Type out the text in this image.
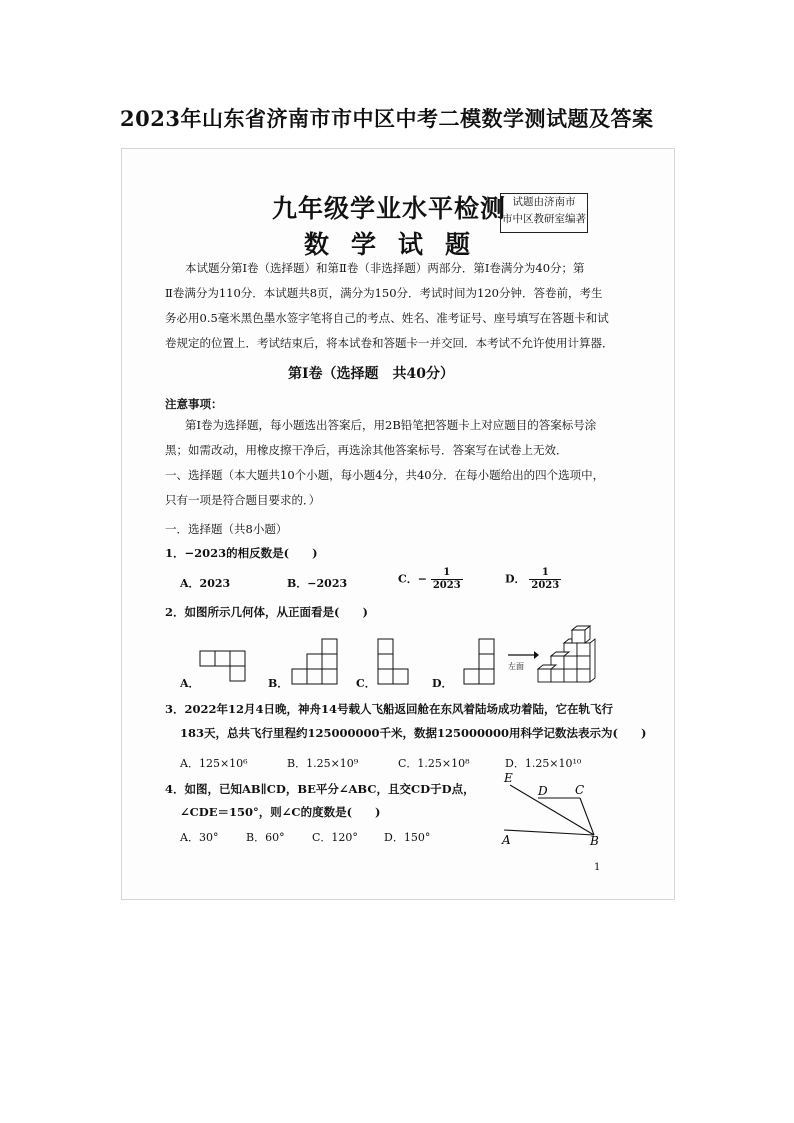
2023年山东省济南市市中区中考二模数学测试题及答案
九年级学业水平检测
数学试题
试题由济南市
市中区教研室编著
本试题分第Ⅰ卷（选择题）和第Ⅱ卷（非选择题）两部分．第Ⅰ卷满分为40分；第
Ⅱ卷满分为110分．本试题共8页，满分为150分．考试时间为120分钟．答卷前，考生
务必用0.5毫米黑色墨水签字笔将自己的考点、姓名、准考证号、座号填写在答题卡和试
卷规定的位置上．考试结束后，将本试卷和答题卡一并交回．本考试不允许使用计算器．
第Ⅰ卷（选择题　共40分）
注意事项：
第Ⅰ卷为选择题，每小题选出答案后，用2B铅笔把答题卡上对应题目的答案标号涂
黑；如需改动，用橡皮擦干净后，再选涂其他答案标号．答案写在试卷上无效．
一、选择题（本大题共10个小题，每小题4分，共40分．在每小题给出的四个选项中，
只有一项是符合题目要求的．）
一．选择题（共8小题）
1．−2023的相反数是(　　)
A．2023	B．−2023	C．− $\frac{1}{2023}$	D． $\frac{1}{2023}$
2．如图所示几何体，从正面看是(　　)
A．	B．	C．	D．
左面
3．2022年12月4日晚，神舟14号载人飞船返回舱在东风着陆场成功着陆，它在轨飞行
183天，总共飞行里程约125000000千米，数据125000000用科学记数法表示为(　　)
A．125×10⁶	B．1.25×10⁹	C．1.25×10⁸	D．1.25×10¹⁰
4．如图，已知AB∥CD，BE平分∠ABC，且交CD于D点，
∠CDE＝150°，则∠C的度数是(　　)
A．30°	B．60° C．120° D．150°
E
D C
A	B
1
